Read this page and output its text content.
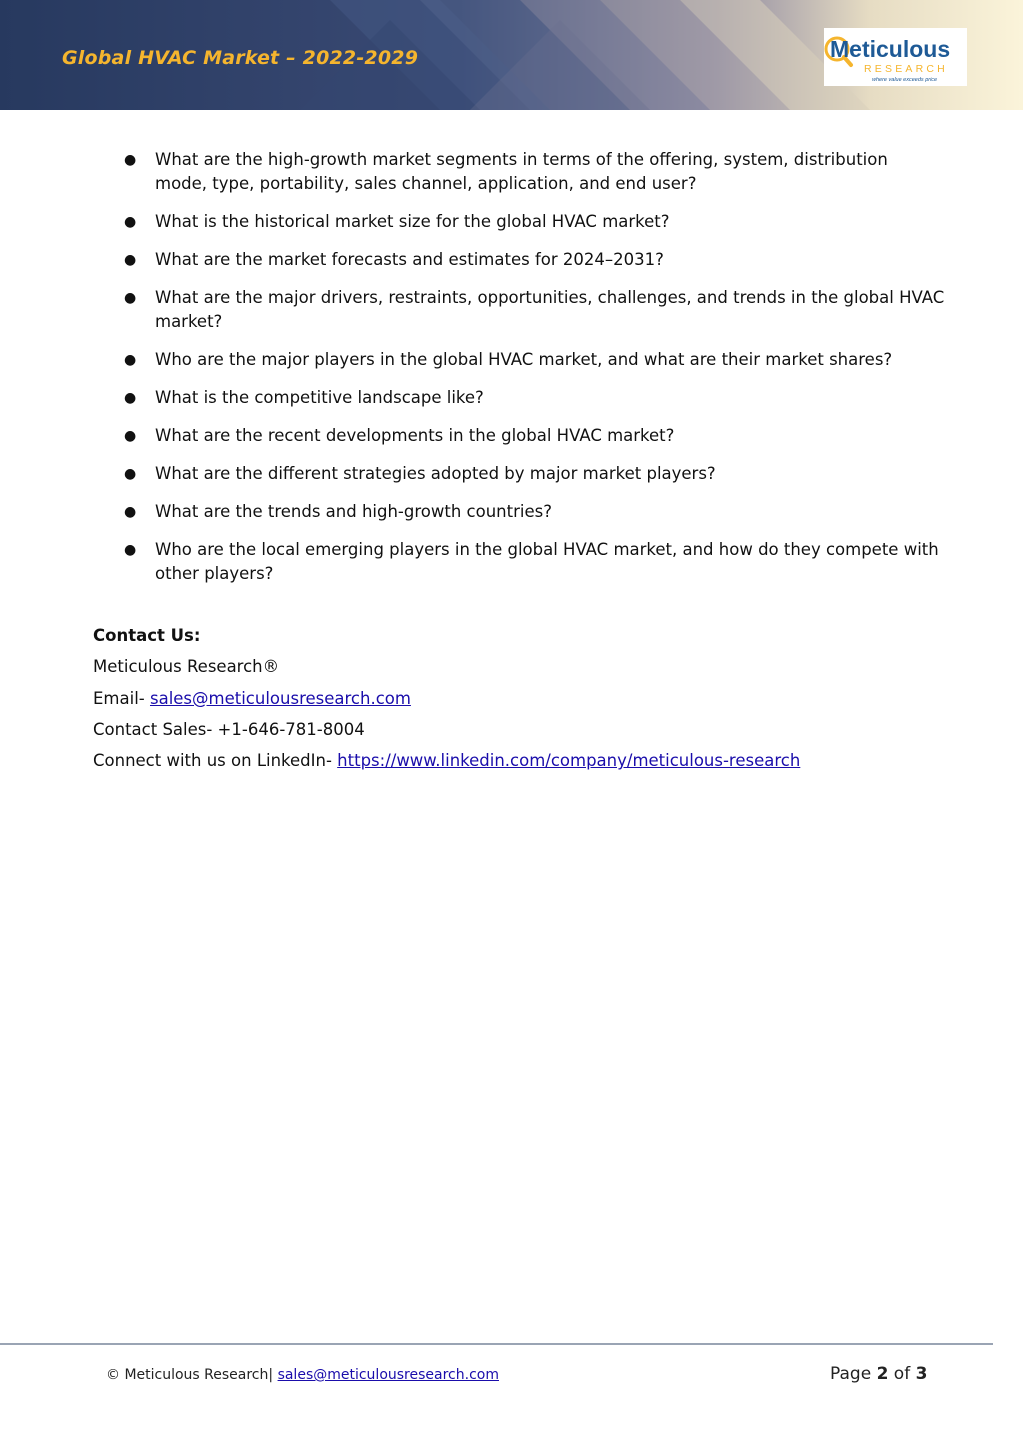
Global HVAC Market – 2022-2029	Meticulous
RESEARCH
where value exceeds price
● What are the high-growth market segments in terms of the offering, system, distribution mode, type, portability, sales channel, application, and end user?
● What is the historical market size for the global HVAC market?
● What are the market forecasts and estimates for 2024–2031?
● What are the major drivers, restraints, opportunities, challenges, and trends in the global HVAC market?
● Who are the major players in the global HVAC market, and what are their market shares?
● What is the competitive landscape like?
● What are the recent developments in the global HVAC market?
● What are the different strategies adopted by major market players?
● What are the trends and high-growth countries?
● Who are the local emerging players in the global HVAC market, and how do they compete with other players?

Contact Us:

Meticulous Research®

Email- sales@meticulousresearch.com

Contact Sales- +1-646-781-8004

Connect with us on LinkedIn- https://www.linkedin.com/company/meticulous-research

© Meticulous Research| sales@meticulousresearch.com	Page 2 of 3
